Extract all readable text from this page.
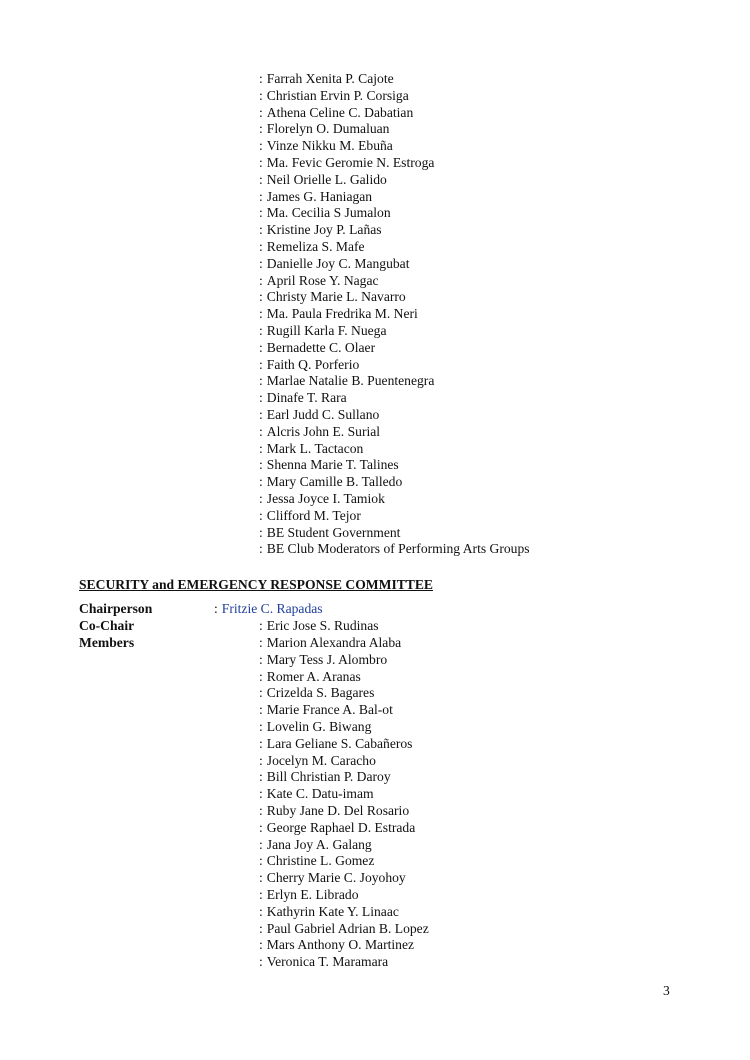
: Farrah Xenita P. Cajote
: Christian Ervin P. Corsiga
: Athena Celine C. Dabatian
: Florelyn O. Dumaluan
: Vinze Nikku M. Ebuña
: Ma. Fevic Geromie N. Estroga
: Neil Orielle L. Galido
: James G. Haniagan
: Ma. Cecilia S Jumalon
: Kristine Joy P. Lañas
: Remeliza S. Mafe
: Danielle Joy C. Mangubat
: April Rose Y. Nagac
: Christy Marie L. Navarro
: Ma. Paula Fredrika M. Neri
: Rugill Karla F. Nuega
: Bernadette C. Olaer
: Faith Q. Porferio
: Marlae Natalie B. Puentenegra
: Dinafe T. Rara
: Earl Judd C. Sullano
: Alcris John E. Surial
: Mark L. Tactacon
: Shenna Marie T. Talines
: Mary Camille B. Talledo
: Jessa Joyce I. Tamiok
: Clifford M. Tejor
: BE Student Government
: BE Club Moderators of Performing Arts Groups
SECURITY and EMERGENCY RESPONSE COMMITTEE
Chairperson	: Fritzie C. Rapadas
Co-Chair	: Eric Jose S. Rudinas
Members	: Marion Alexandra Alaba
: Mary Tess J. Alombro
: Romer A. Aranas
: Crizelda S. Bagares
: Marie France A. Bal-ot
: Lovelin G. Biwang
: Lara Geliane S. Cabañeros
: Jocelyn M. Caracho
: Bill Christian P. Daroy
: Kate C. Datu-imam
: Ruby Jane D. Del Rosario
: George Raphael D. Estrada
: Jana Joy A. Galang
: Christine L. Gomez
: Cherry Marie C. Joyohoy
: Erlyn E. Librado
: Kathyrin Kate Y. Linaac
: Paul Gabriel Adrian B. Lopez
: Mars Anthony O. Martinez
: Veronica T. Maramara
3
